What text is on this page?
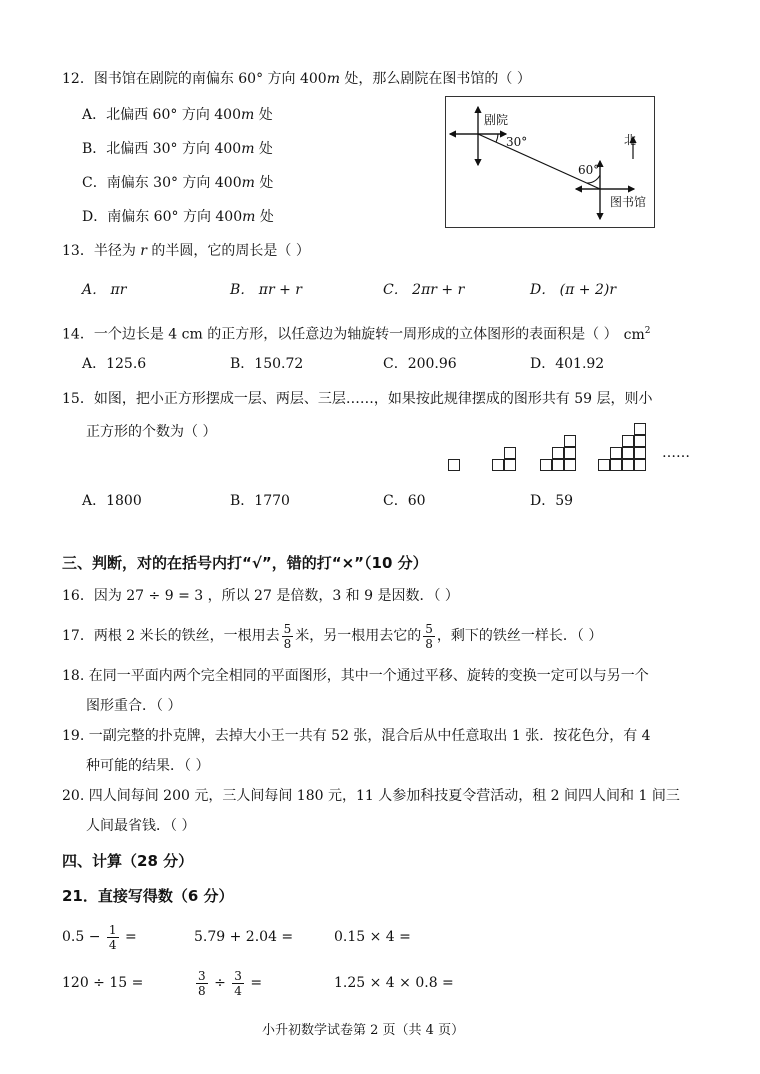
12．图书馆在剧院的南偏东 60° 方向 400m 处，那么剧院在图书馆的（ ）
A．北偏西 60° 方向 400m 处
B．北偏西 30° 方向 400m 处
C．南偏东 30° 方向 400m 处
D．南偏东 60° 方向 400m 处
剧院
30°
60°
北
图书馆
13．半径为 r 的半圆，它的周长是（ ）
A． πr	B． πr + r	C． 2πr + r	D． (π + 2)r
14．一个边长是 4 cm 的正方形，以任意边为轴旋转一周形成的立体图形的表面积是（ ） $cm^2$
A．125.6	B．150.72	C．200.96	D．401.92
15．如图，把小正方形摆成一层、两层、三层……，如果按此规律摆成的图形共有 59 层，则小
正方形的个数为（ ）
……
A．1800	B．1770	C．60	D．59
三、判断，对的在括号内打“√”，错的打“×”（10 分）
16．因为 27 ÷ 9 = 3 ，所以 27 是倍数，3 和 9 是因数．（ ）
17．两根 2 米长的铁丝，一根用去 $\frac{5}{8}$ 米，另一根用去它的 $\frac{5}{8}$ ，剩下的铁丝一样长．（ ）
18. 在同一平面内两个完全相同的平面图形，其中一个通过平移、旋转的变换一定可以与另一个
图形重合．（ ）
19. 一副完整的扑克牌，去掉大小王一共有 52 张，混合后从中任意取出 1 张．按花色分，有 4
种可能的结果．（ ）
20. 四人间每间 200 元，三人间每间 180 元，11 人参加科技夏令营活动，租 2 间四人间和 1 间三
人间最省钱．（ ）
四、计算（28 分）
21．直接写得数（6 分）
$0.5 - \frac{1}{4}$ =	5.79 + 2.04 =	0.15 × 4 =
120 ÷ 15 =	$\frac{3}{8} \div \frac{3}{4}$ =	1.25 × 4 × 0.8 =
小升初数学试卷第 2 页（共 4 页）
